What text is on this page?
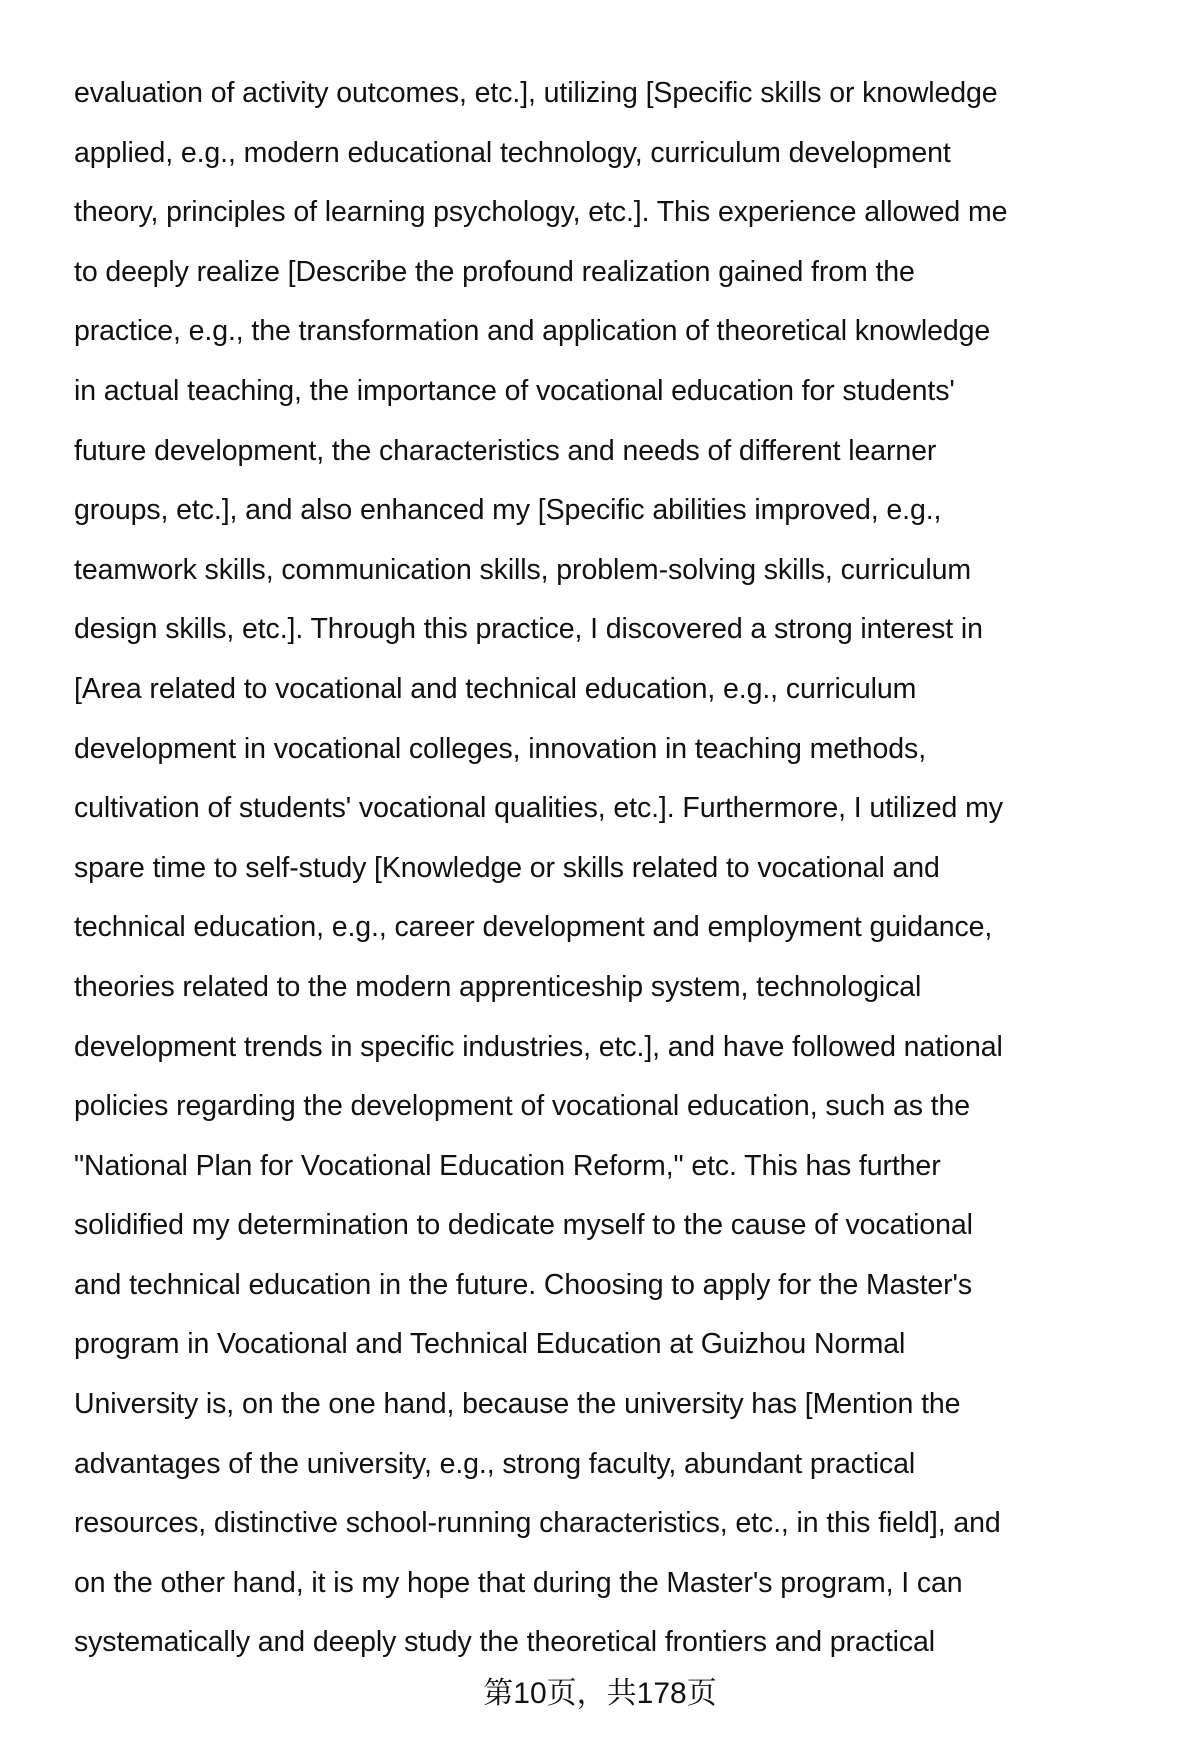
evaluation of activity outcomes, etc.], utilizing [Specific skills or knowledge
applied, e.g., modern educational technology, curriculum development
theory, principles of learning psychology, etc.]. This experience allowed me
to deeply realize [Describe the profound realization gained from the
practice, e.g., the transformation and application of theoretical knowledge
in actual teaching, the importance of vocational education for students'
future development, the characteristics and needs of different learner
groups, etc.], and also enhanced my [Specific abilities improved, e.g.,
teamwork skills, communication skills, problem-solving skills, curriculum
design skills, etc.]. Through this practice, I discovered a strong interest in
[Area related to vocational and technical education, e.g., curriculum
development in vocational colleges, innovation in teaching methods,
cultivation of students' vocational qualities, etc.]. Furthermore, I utilized my
spare time to self-study [Knowledge or skills related to vocational and
technical education, e.g., career development and employment guidance,
theories related to the modern apprenticeship system, technological
development trends in specific industries, etc.], and have followed national
policies regarding the development of vocational education, such as the
"National Plan for Vocational Education Reform," etc. This has further
solidified my determination to dedicate myself to the cause of vocational
and technical education in the future. Choosing to apply for the Master's
program in Vocational and Technical Education at Guizhou Normal
University is, on the one hand, because the university has [Mention the
advantages of the university, e.g., strong faculty, abundant practical
resources, distinctive school-running characteristics, etc., in this field], and
on the other hand, it is my hope that during the Master's program, I can
systematically and deeply study the theoretical frontiers and practical
第10页，共178页
